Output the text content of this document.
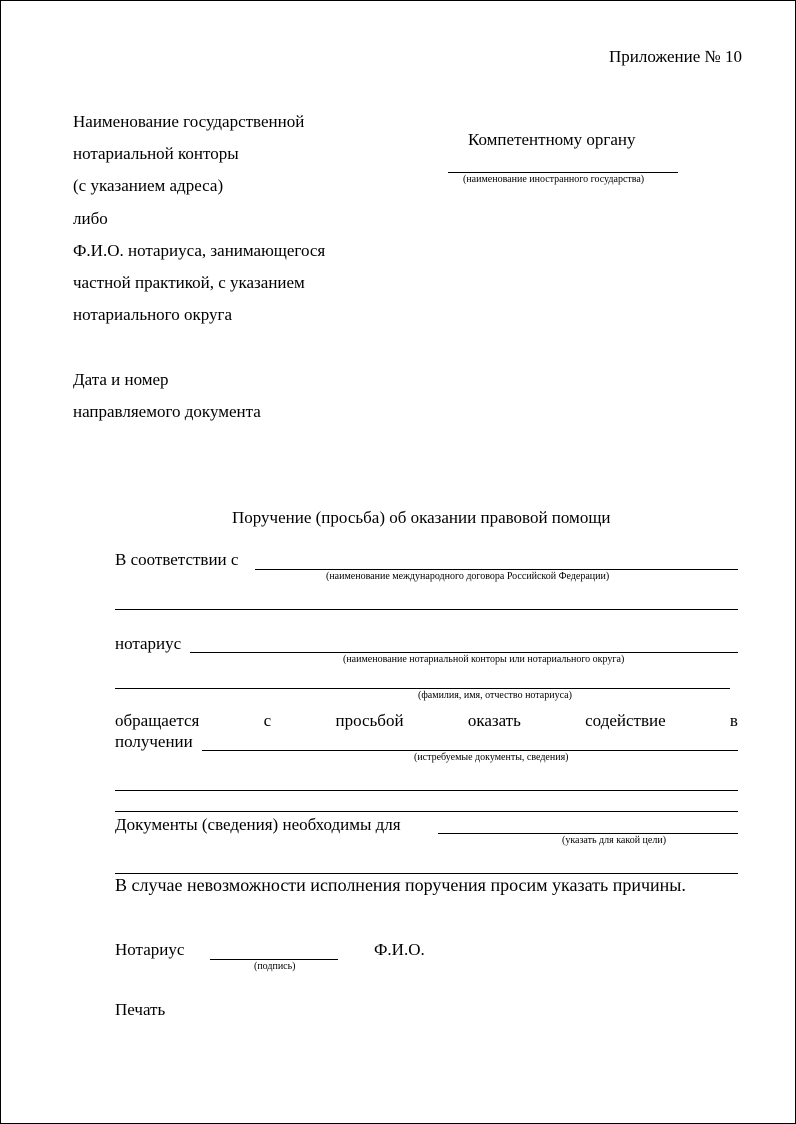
Приложение № 10
Наименование государственной
нотариальной конторы
(с указанием адреса)
либо
Ф.И.О. нотариуса, занимающегося
частной практикой, с указанием
нотариального округа
Дата и номер
направляемого документа
Компетентному органу
(наименование иностранного государства)
Поручение (просьба) об оказании правовой помощи
В соответствии с
(наименование международного договора Российской Федерации)
нотариус
(наименование нотариальной конторы или нотариального округа)
(фамилия, имя, отчество нотариуса)
обращается	с	просьбой	оказать	содействие	в
получении
(истребуемые документы, сведения)
Документы (сведения) необходимы для
(указать для какой цели)
В случае невозможности исполнения поручения просим указать причины.
Нотариус
(подпись)
Ф.И.О.
Печать
